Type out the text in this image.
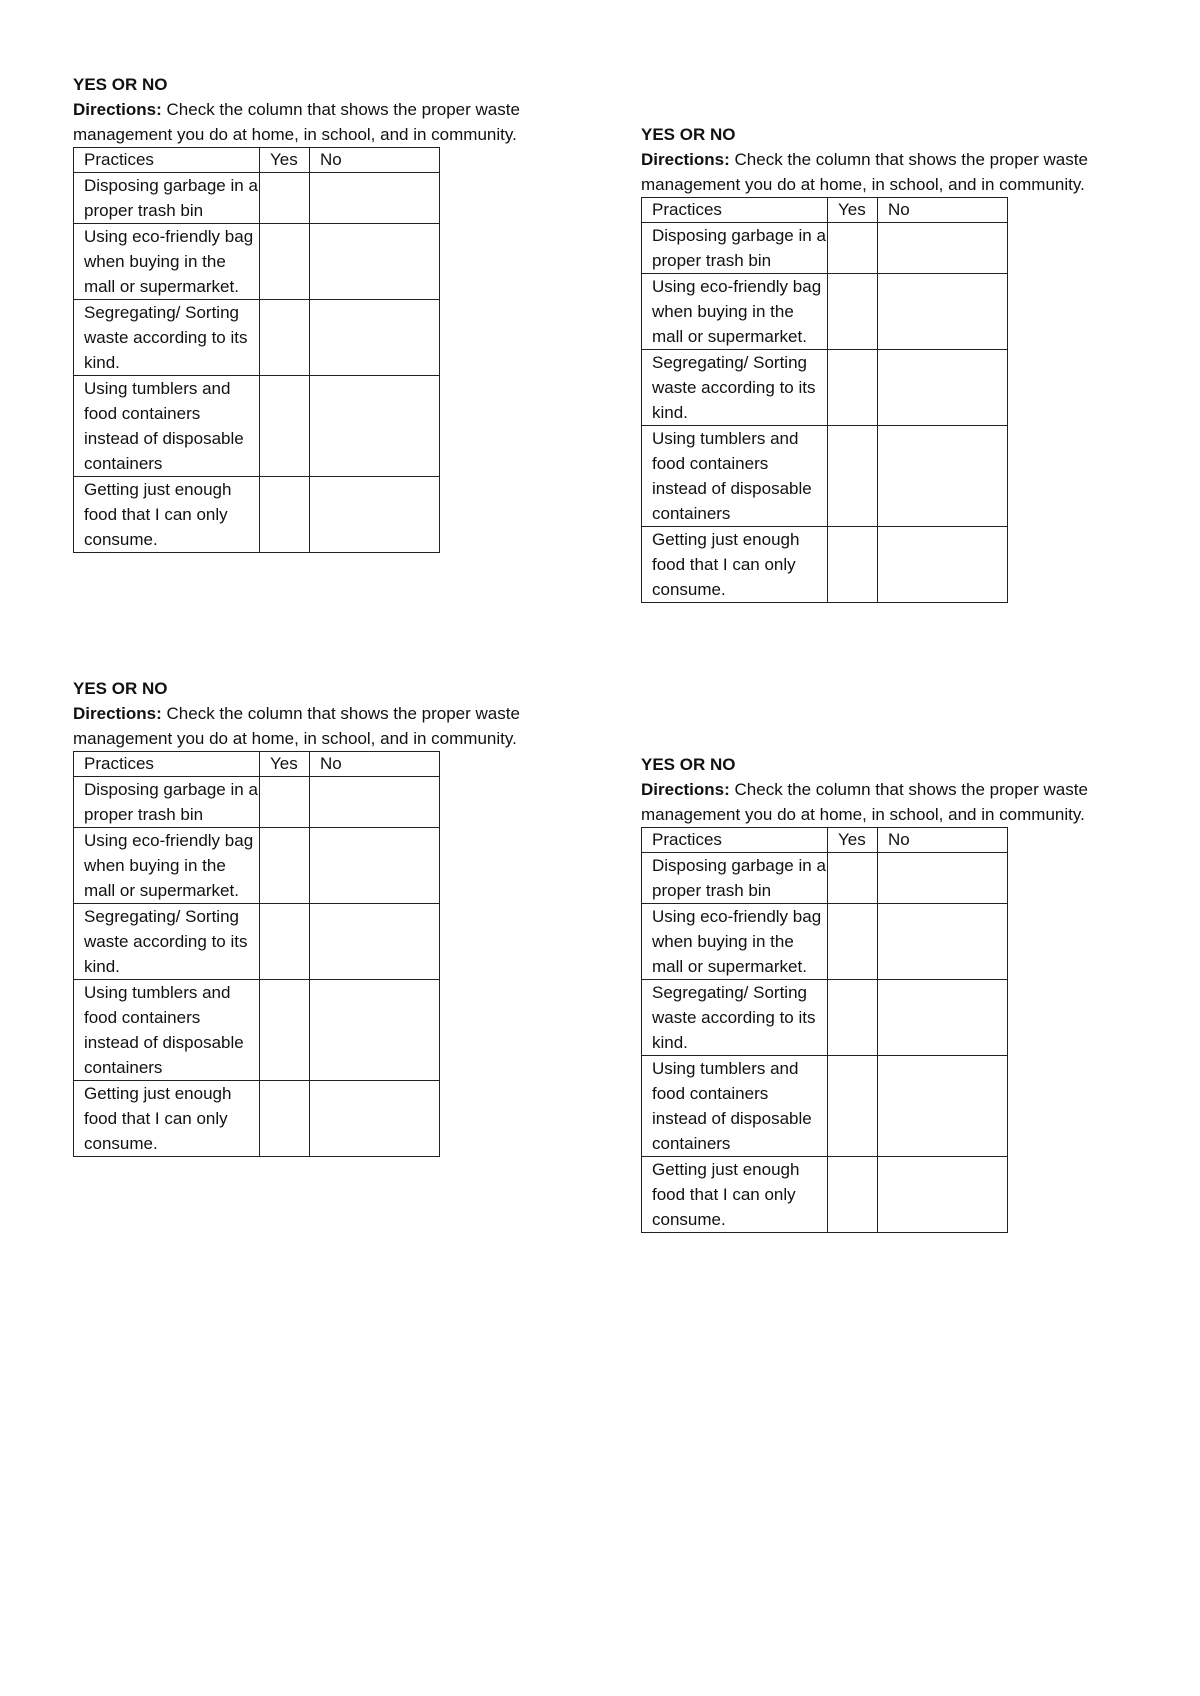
YES OR NO

Directions: Check the column that shows the proper waste management you do at home, in school, and in community.

Practices	Yes	No
Disposing garbage in a proper trash bin		
Using eco-friendly bag when buying in the mall or supermarket.		
Segregating/ Sorting waste according to its kind.		
Using tumblers and food containers instead of disposable containers		
Getting just enough food that I can only consume.		

YES OR NO

Directions: Check the column that shows the proper waste management you do at home, in school, and in community.

Practices	Yes	No
Disposing garbage in a proper trash bin		
Using eco-friendly bag when buying in the mall or supermarket.		
Segregating/ Sorting waste according to its kind.		
Using tumblers and food containers instead of disposable containers		
Getting just enough food that I can only consume.		

YES OR NO

Directions: Check the column that shows the proper waste management you do at home, in school, and in community.

Practices	Yes	No
Disposing garbage in a proper trash bin		
Using eco-friendly bag when buying in the mall or supermarket.		
Segregating/ Sorting waste according to its kind.		
Using tumblers and food containers instead of disposable containers		
Getting just enough food that I can only consume.		

YES OR NO

Directions: Check the column that shows the proper waste management you do at home, in school, and in community.

Practices	Yes	No
Disposing garbage in a proper trash bin		
Using eco-friendly bag when buying in the mall or supermarket.		
Segregating/ Sorting waste according to its kind.		
Using tumblers and food containers instead of disposable containers		
Getting just enough food that I can only consume.		
